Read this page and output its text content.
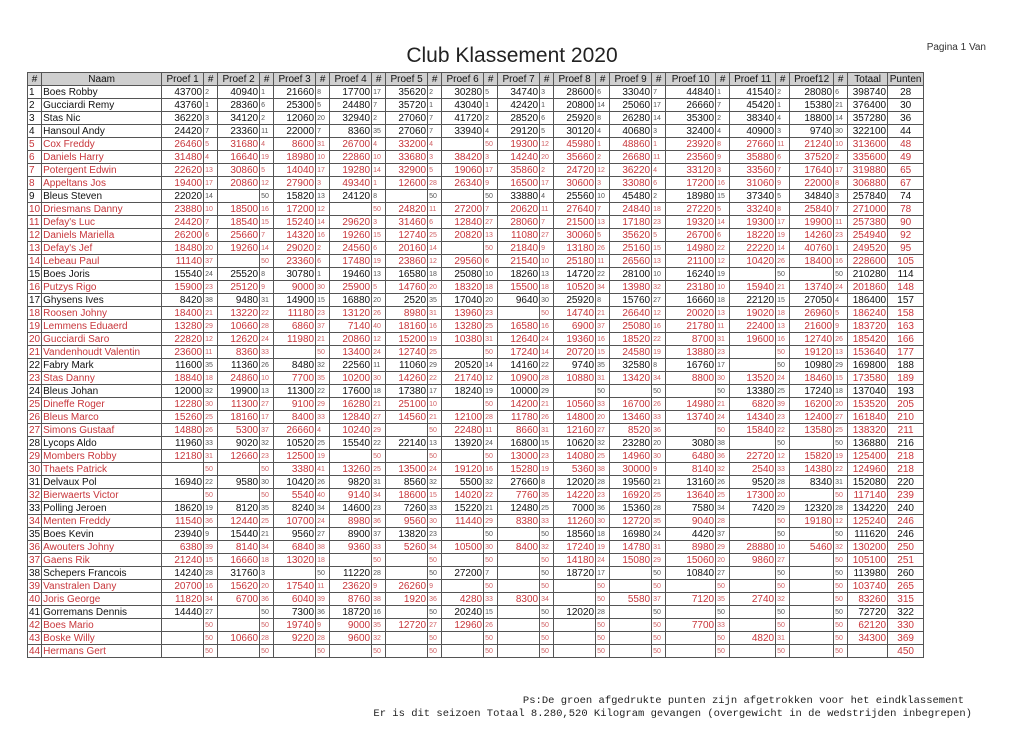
Club Klassement 2020	Pagina 1 Van
#	Naam	Proef 1	#	Proef 2	#	Proef 3	#	Proef 4	#	Proef 5	#	Proef 6	#	Proef 7	#	Proef 8	#	Proef 9	#	Proef 10	#	Proef 11	#	Proef12	#	Totaal	Punten
1	Boes Robby	43700	2	40940	1	21660	8	17700	17	35620	2	30280	5	34740	3	28600	6	33040	7	44840	1	41540	2	28080	6	398740	28
2	Gucciardi Remy	43760	1	28360	6	25300	5	24480	7	35720	1	43040	1	42420	1	20800	14	25060	17	26660	7	45420	1	15380	21	376400	30
3	Stas Nic	36220	3	34120	2	12060	20	32940	2	27060	7	41720	2	28520	6	25920	8	26280	14	35300	2	38340	4	18800	14	357280	36
4	Hansoul Andy	24420	7	23360	11	22000	7	8360	35	27060	7	33940	4	29120	5	30120	4	40680	3	32400	4	40900	3	9740	30	322100	44
5	Cox Freddy	26460	5	31680	4	8600	31	26700	4	33200	4		50	19300	12	45980	1	48860	1	23920	8	27660	11	21240	10	313600	48
6	Daniels Harry	31480	4	16640	19	18980	10	22860	10	33680	3	38420	3	14240	20	35660	2	26680	11	23560	9	35880	6	37520	2	335600	49
7	Potergent Edwin	22620	13	30860	5	14040	17	19280	14	32900	5	19060	17	35860	2	24720	12	36220	4	33120	3	33560	7	17640	17	319880	65
8	Appeltans Jos	19400	17	20860	12	27900	3	49340	1	12600	28	26340	9	16500	17	30600	3	33080	6	17200	16	31060	9	22000	8	306880	67
9	Bleus Steven	22020	14		50	15820	13	24120	8		50		50	33880	4	25560	10	45480	2	18980	15	37340	5	34840	3	257840	74
10	Driesmans Danny	23880	10	18500	16	17200	12		50	24820	11	27200	7	20620	11	27640	7	24840	18	27220	5	33240	8	25840	7	271000	78
11	Defay's Luc	24420	7	18540	15	15240	14	29620	3	31460	6	12840	27	28060	7	21500	13	17180	23	19320	14	19300	17	19900	11	257380	90
12	Daniels Mariella	26200	6	25660	7	14320	16	19260	15	12740	25	20820	13	11080	27	30060	5	35620	5	26700	6	18220	19	14260	23	254940	92
13	Defay's Jef	18480	20	19260	14	29020	2	24560	6	20160	14		50	21840	9	13180	26	25160	15	14980	22	22220	14	40760	1	249520	95
14	Lebeau Paul	11140	37		50	23360	6	17480	19	23860	12	29560	6	21540	10	25180	11	26560	13	21100	12	10420	26	18400	16	228600	105
15	Boes Joris	15540	24	25520	8	30780	1	19460	13	16580	18	25080	10	18260	13	14720	22	28100	10	16240	19		50		50	210280	114
16	Putzys Rigo	15900	23	25120	9	9000	30	25900	5	14760	20	18320	18	15500	18	10520	34	13980	32	23180	10	15940	21	13740	24	201860	148
17	Ghysens Ives	8420	38	9480	31	14900	15	16880	20	2520	35	17040	20	9640	30	25920	8	15760	27	16660	18	22120	15	27050	4	186400	157
18	Roosen Johny	18400	21	13220	22	11180	23	13120	26	8980	31	13960	23		50	14740	21	26640	12	20020	13	19020	18	26960	5	186240	158
19	Lemmens Eduaerd	13280	29	10660	28	6860	37	7140	40	18160	16	13280	25	16580	16	6900	37	25080	16	21780	11	22400	13	21600	9	183720	163
20	Gucciardi Saro	22820	12	12620	24	11980	21	20860	12	15200	19	10380	31	12640	24	19360	16	18520	22	8700	31	19600	16	12740	26	185420	166
21	Vandenhoudt Valentin	23600	11	8360	33		50	13400	24	12740	25		50	17240	14	20720	15	24580	19	13880	23		50	19120	13	153640	177
22	Fabry Mark	11600	35	11360	26	8480	32	22560	11	11060	29	20520	14	14160	22	9740	35	32580	8	16760	17		50	10980	29	169800	188
23	Stas Danny	18840	18	24860	10	7700	35	10200	30	14260	22	21740	12	10900	28	10880	31	13420	34	8800	30	13520	24	18460	15	173580	189
24	Bleus Johan	12000	32	19900	13	11300	22	17600	18	17380	17	18240	19	10000	29		50		50		50	13380	25	17240	18	137040	193
25	Dineffe Roger	12280	30	11300	27	9100	29	16280	21	25100	10		50	14200	21	10560	33	16700	26	14980	21	6820	39	16200	20	153520	205
26	Bleus Marco	15260	25	18160	17	8400	33	12840	27	14560	21	12100	28	11780	26	14800	20	13460	33	13740	24	14340	23	12400	27	161840	210
27	Simons Gustaaf	14880	26	5300	37	26660	4	10240	29		50	22480	11	8660	31	12160	27	8520	36		50	15840	22	13580	25	138320	211
28	Lycops Aldo	11960	33	9020	32	10520	25	15540	22	22140	13	13920	24	16800	15	10620	32	23280	20	3080	38		50		50	136880	216
29	Mombers Robby	12180	31	12660	23	12500	19		50		50		50	13000	23	14080	25	14960	30	6480	36	22720	12	15820	19	125400	218
30	Thaets Patrick		50		50	3380	41	13260	25	13500	24	19120	16	15280	19	5360	38	30000	9	8140	32	2540	33	14380	22	124960	218
31	Delvaux Pol	16940	22	9580	30	10420	26	9820	31	8560	32	5500	32	27660	8	12020	28	19560	21	13160	26	9520	28	8340	31	152080	220
32	Bierwaerts Victor		50		50	5540	40	9140	34	18600	15	14020	22	7760	35	14220	23	16920	25	13640	25	17300	20		50	117140	239
33	Polling Jeroen	18620	19	8120	35	8240	34	14600	23	7260	33	15220	21	12480	25	7000	36	15360	28	7580	34	7420	29	12320	28	134220	240
34	Menten Freddy	11540	36	12440	25	10700	24	8980	36	9560	30	11440	29	8380	33	11260	30	12720	35	9040	28		50	19180	12	125240	246
35	Boes Kevin	23940	9	15440	21	9560	27	8900	37	13820	23		50		50	18560	18	16980	24	4420	37		50		50	111620	246
36	Awouters Johny	6380	39	8140	34	6840	38	9360	33	5260	34	10500	30	8400	32	17240	19	14780	31	8980	29	28880	10	5460	32	130200	250
37	Gaens Rik	21240	15	16660	18	13020	18		50		50		50		50	14180	24	15080	29	15060	20	9860	27		50	105100	251
38	Schepers Francois	14240	28	31760	3		50	11220	28		50	27200	7		50	18720	17		50	10840	27		50		50	113980	260
39	Vanstralen Dany	20700	16	15620	20	17540	11	23620	9	26260	9		50		50		50		50		50		50		50	103740	265
40	Joris George	11820	34	6700	36	6040	39	8760	38	1920	36	4280	33	8300	34		50	5580	37	7120	35	2740	32		50	83260	315
41	Gorremans Dennis	14440	27		50	7300	36	18720	16		50	20240	15		50	12020	28		50		50		50		50	72720	322
42	Boes Mario		50		50	19740	9	9000	35	12720	27	12960	26		50		50		50	7700	33		50		50	62120	330
43	Boske Willy		50	10660	28	9220	28	9600	32		50		50		50		50		50		50	4820	31		50	34300	369
44	Hermans Gert		50		50		50		50		50		50		50		50		50		50		50		50		450
Ps:De groen afgedrukte punten zijn afgetrokken voor het eindklassement
Er is dit seizoen Totaal 8.280,520 Kilogram gevangen (overgewicht in de wedstrijden inbegrepen)
